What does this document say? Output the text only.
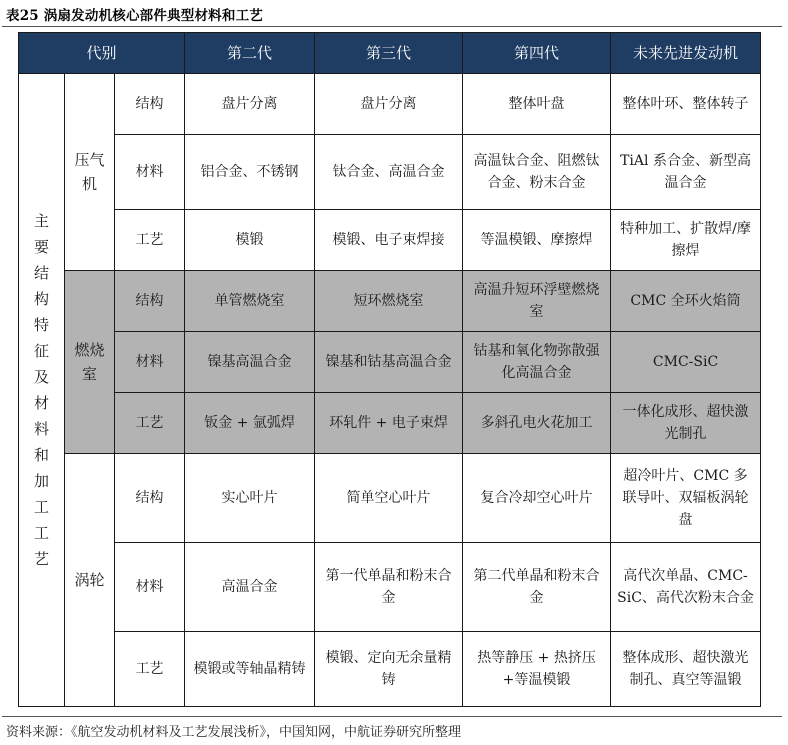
表25 涡扇发动机核心部件典型材料和工艺
代别			第二代	第三代	第四代	未来先进发动机
主要结构特征及材料和加工工艺	压气机	结构	盘片分离	盘片分离	整体叶盘	整体叶环、整体转子
		材料	铝合金、不锈钢	钛合金、高温合金	高温钛合金、阻燃钛合金、粉末合金	TiAl 系合金、新型高温合金
		工艺	模锻	模锻、电子束焊接	等温模锻、摩擦焊	特种加工、扩散焊/摩擦焊
	燃烧室	结构	单管燃烧室	短环燃烧室	高温升短环浮壁燃烧室	CMC 全环火焰筒
		材料	镍基高温合金	镍基和钴基高温合金	钴基和氧化物弥散强化高温合金	CMC-SiC
		工艺	钣金 + 氩弧焊	环轧件 + 电子束焊	多斜孔电火花加工	一体化成形、超快激光制孔
	涡轮	结构	实心叶片	简单空心叶片	复合冷却空心叶片	超冷叶片、CMC 多联导叶、双辐板涡轮盘
		材料	高温合金	第一代单晶和粉末合金	第二代单晶和粉末合金	高代次单晶、CMC-SiC、高代次粉末合金
		工艺	模锻或等轴晶精铸	模锻、定向无余量精铸	热等静压 + 热挤压+等温模锻	整体成形、超快激光制孔、真空等温锻
资料来源：《航空发动机材料及工艺发展浅析》，中国知网，中航证券研究所整理
